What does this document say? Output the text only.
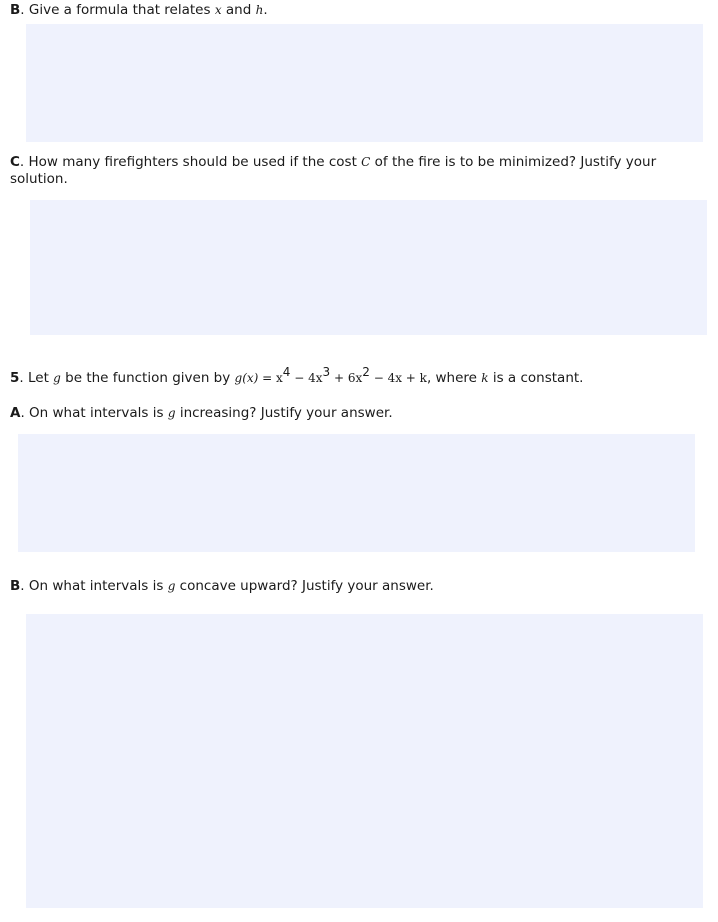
B. Give a formula that relates x and h.
C. How many firefighters should be used if the cost C of the fire is to be minimized? Justify your solution.
5. Let g be the function given by $g(x) = x^4 - 4x^3 + 6x^2 - 4x + k$, where k is a constant.
A. On what intervals is g increasing? Justify your answer.
B. On what intervals is g concave upward? Justify your answer.
